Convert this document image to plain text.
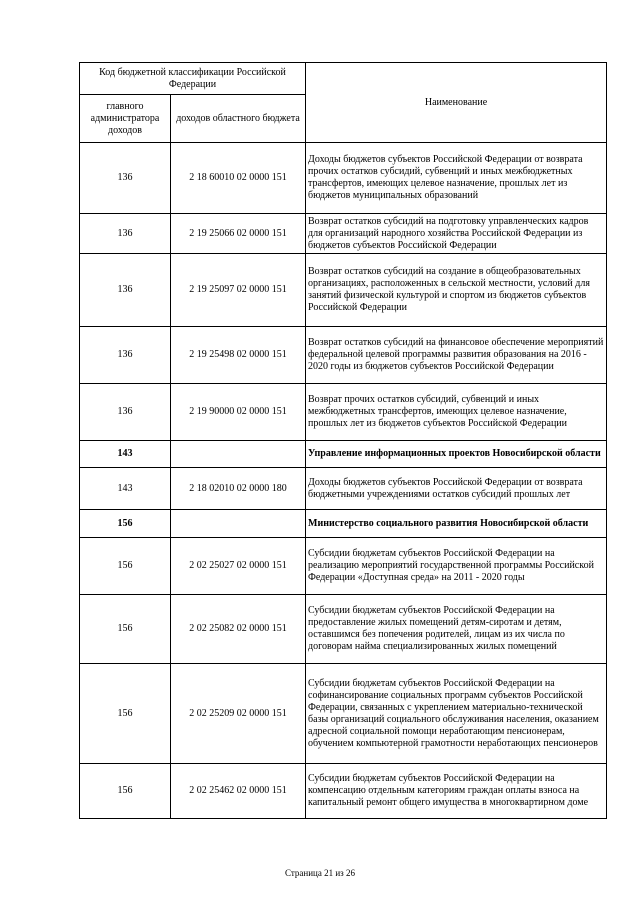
Код бюджетной классификации Российской Федерации		Наименование
главного администратора доходов	доходов областного бюджета	
136	2 18 60010 02 0000 151	Доходы бюджетов субъектов Российской Федерации от возврата прочих остатков субсидий, субвенций и иных межбюджетных трансфертов, имеющих целевое назначение, прошлых лет из бюджетов муниципальных образований
136	2 19 25066 02 0000 151	Возврат остатков субсидий на подготовку управленческих кадров для организаций народного хозяйства Российской Федерации из бюджетов субъектов Российской Федерации
136	2 19 25097 02 0000 151	Возврат остатков субсидий на создание в общеобразовательных организациях, расположенных в сельской местности, условий для занятий физической культурой и спортом из бюджетов субъектов Российской Федерации
136	2 19 25498 02 0000 151	Возврат остатков субсидий на финансовое обеспечение мероприятий федеральной целевой программы развития образования на 2016 - 2020 годы из бюджетов субъектов Российской Федерации
136	2 19 90000 02 0000 151	Возврат прочих остатков субсидий, субвенций и иных межбюджетных трансфертов, имеющих целевое назначение, прошлых лет из бюджетов субъектов Российской Федерации
143		Управление информационных проектов Новосибирской области
143	2 18 02010 02 0000 180	Доходы бюджетов субъектов Российской Федерации от возврата бюджетными учреждениями остатков субсидий прошлых лет
156		Министерство социального развития Новосибирской области
156	2 02 25027 02 0000 151	Субсидии бюджетам субъектов Российской Федерации на реализацию мероприятий государственной программы Российской Федерации «Доступная среда» на 2011 - 2020 годы
156	2 02 25082 02 0000 151	Субсидии бюджетам субъектов Российской Федерации на предоставление жилых помещений детям-сиротам и детям, оставшимся без попечения родителей, лицам из их числа по договорам найма специализированных жилых помещений
156	2 02 25209 02 0000 151	Субсидии бюджетам субъектов Российской Федерации на софинансирование социальных программ субъектов Российской Федерации, связанных с укреплением материально-технической базы организаций социального обслуживания населения, оказанием адресной социальной помощи неработающим пенсионерам, обучением компьютерной грамотности неработающих пенсионеров
156	2 02 25462 02 0000 151	Субсидии бюджетам субъектов Российской Федерации на компенсацию отдельным категориям граждан оплаты взноса на капитальный ремонт общего имущества в многоквартирном доме
Страница 21 из 26
